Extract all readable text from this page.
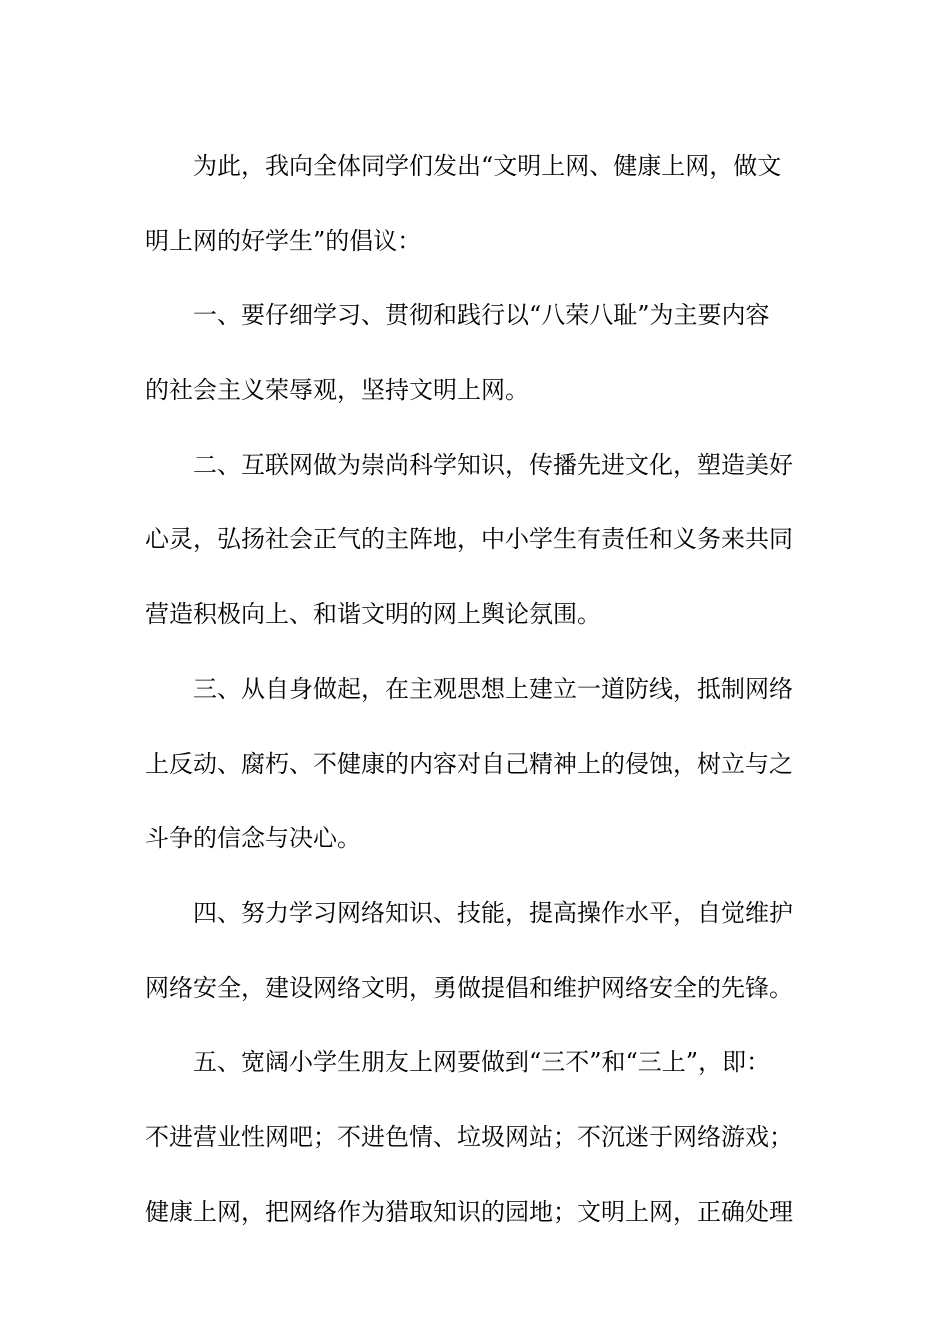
为此，我向全体同学们发出“文明上网、健康上网，做文
明上网的好学生”的倡议：
一、要仔细学习、贯彻和践行以“八荣八耻”为主要内容
的社会主义荣辱观，坚持文明上网。
二、互联网做为崇尚科学知识，传播先进文化，塑造美好
心灵，弘扬社会正气的主阵地，中小学生有责任和义务来共同
营造积极向上、和谐文明的网上舆论氛围。
三、从自身做起，在主观思想上建立一道防线，抵制网络
上反动、腐朽、不健康的内容对自己精神上的侵蚀，树立与之
斗争的信念与决心。
四、努力学习网络知识、技能，提高操作水平，自觉维护
网络安全，建设网络文明，勇做提倡和维护网络安全的先锋。
五、宽阔小学生朋友上网要做到“三不”和“三上”，即：
不进营业性网吧；不进色情、垃圾网站；不沉迷于网络游戏；
健康上网，把网络作为猎取知识的园地；文明上网，正确处理
